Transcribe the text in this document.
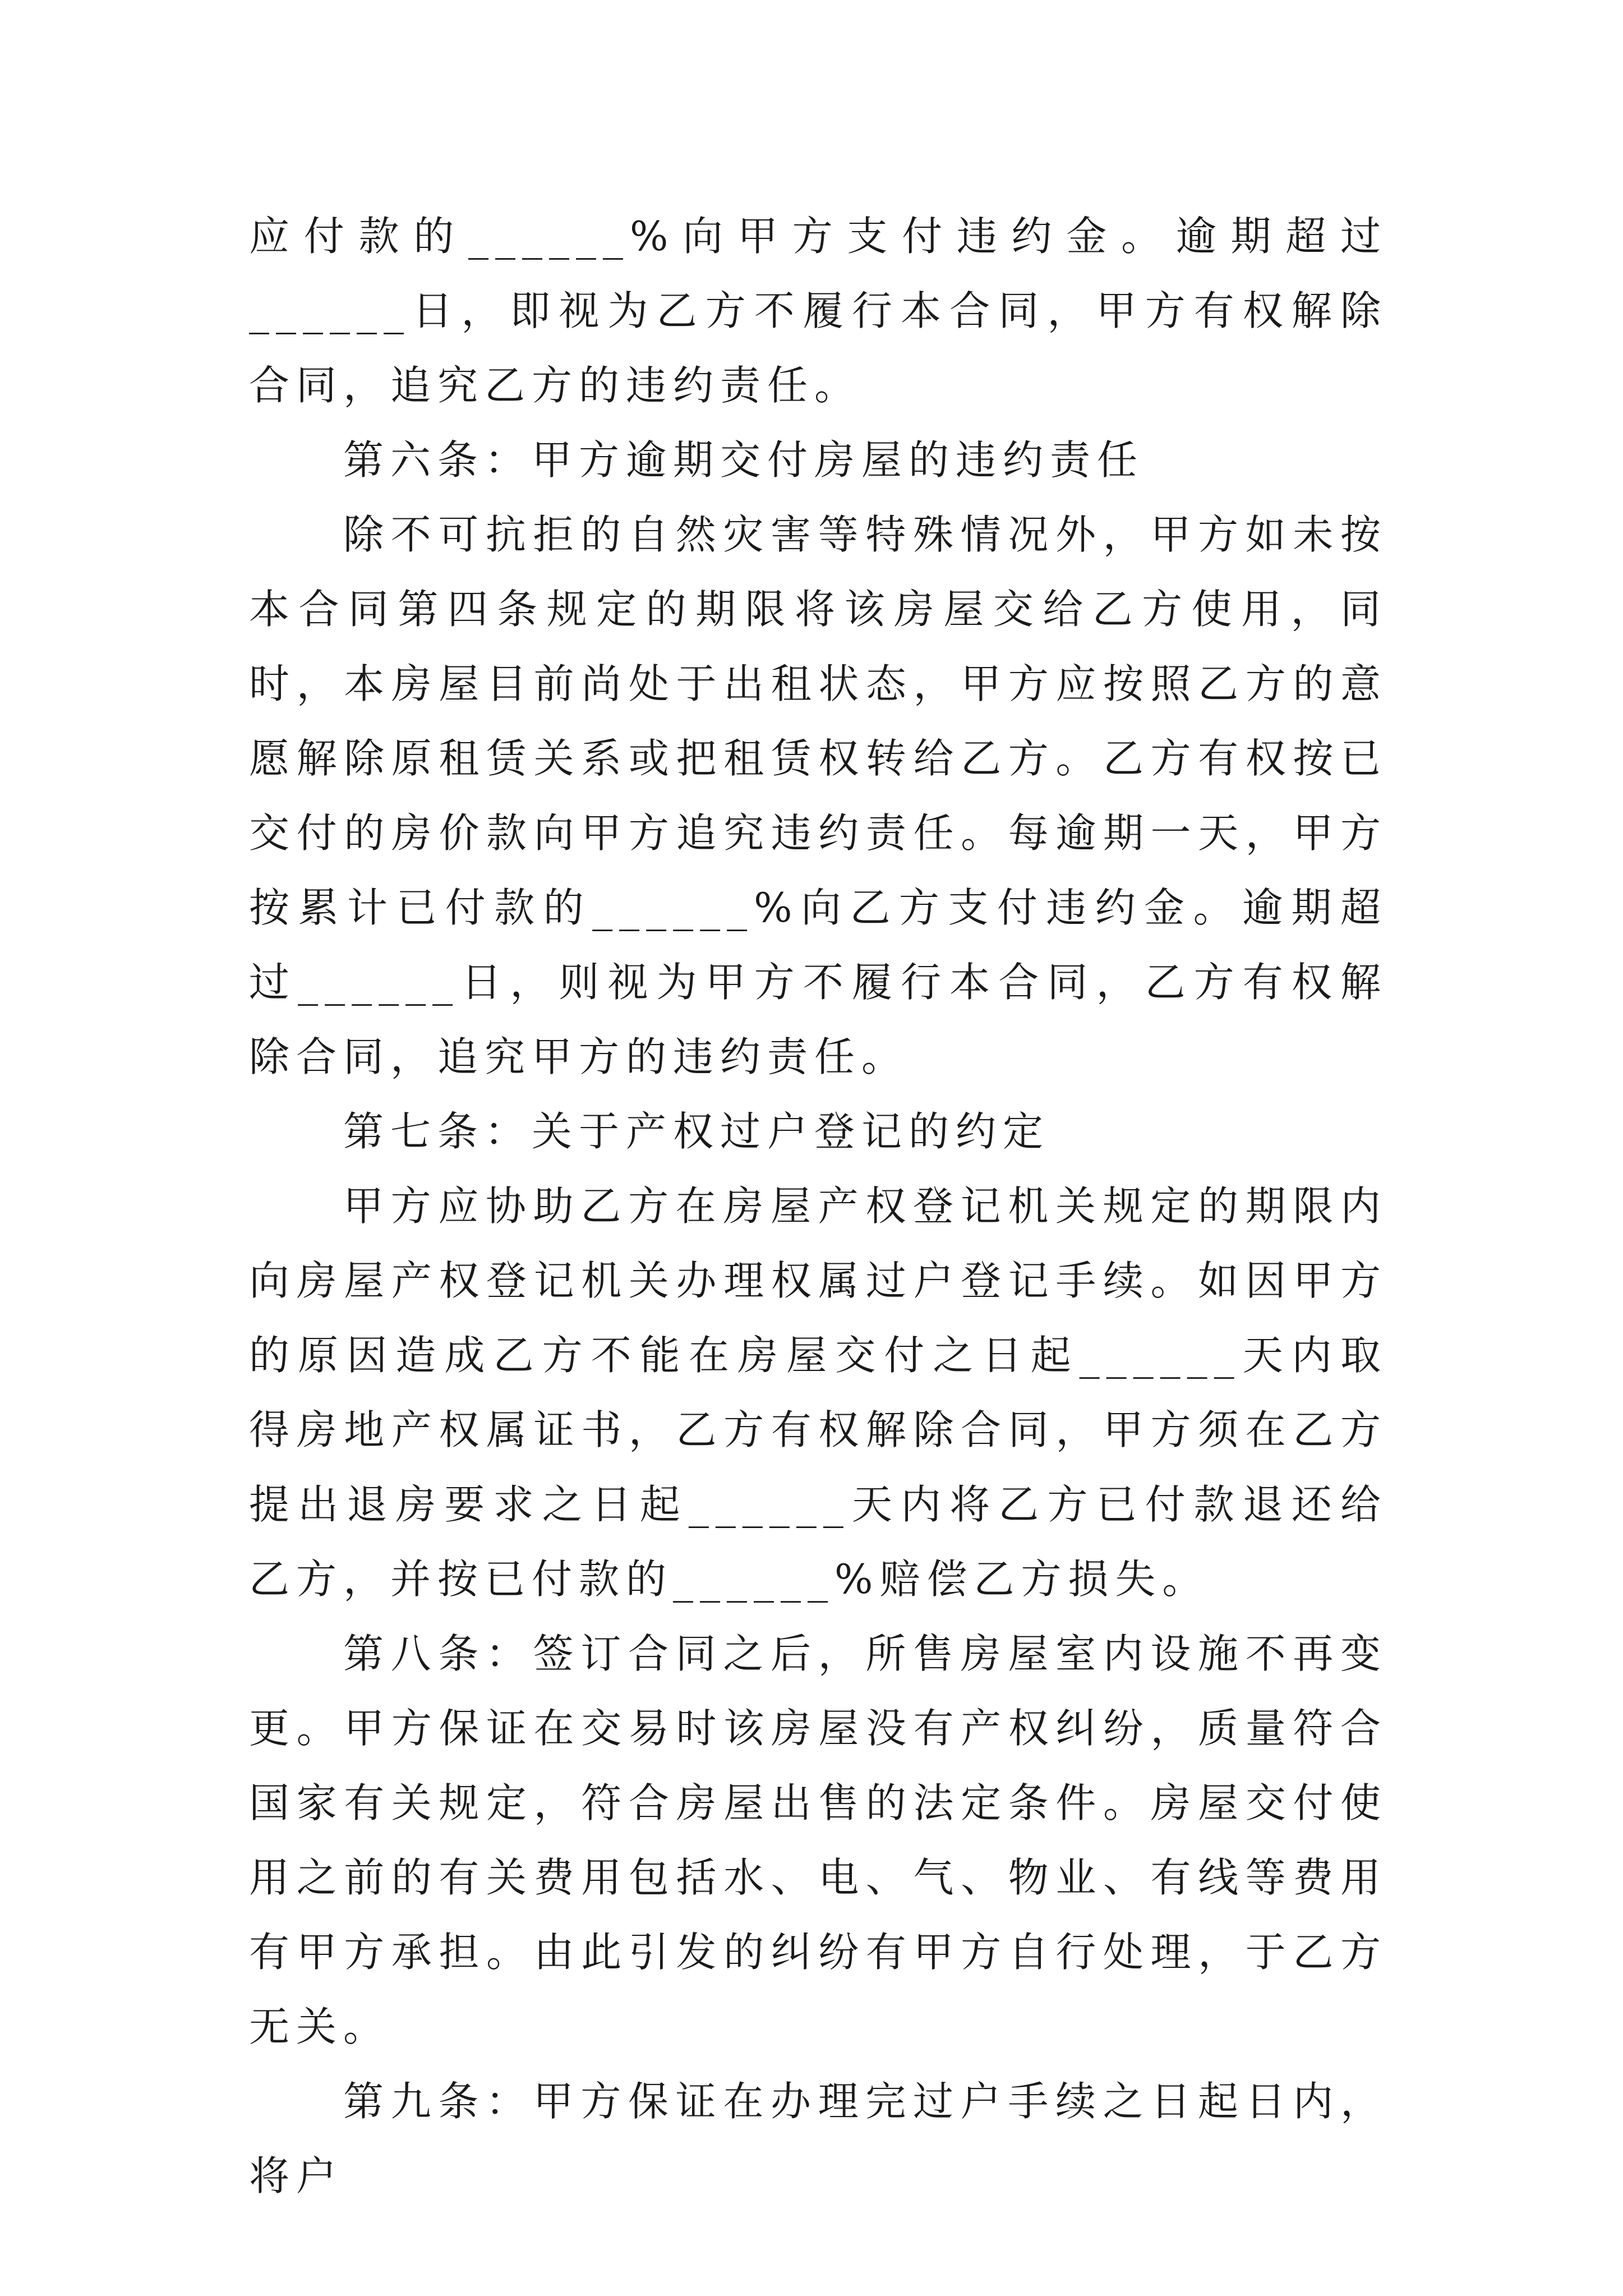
应付款的______%向甲方支付违约金。逾期超过______日，即视为乙方不履行本合同，甲方有权解除合同，追究乙方的违约责任。

第六条：甲方逾期交付房屋的违约责任

除不可抗拒的自然灾害等特殊情况外，甲方如未按本合同第四条规定的期限将该房屋交给乙方使用，同时，本房屋目前尚处于出租状态，甲方应按照乙方的意愿解除原租赁关系或把租赁权转给乙方。乙方有权按已交付的房价款向甲方追究违约责任。每逾期一天，甲方按累计已付款的______%向乙方支付违约金。逾期超过______日，则视为甲方不履行本合同，乙方有权解除合同，追究甲方的违约责任。

第七条：关于产权过户登记的约定

甲方应协助乙方在房屋产权登记机关规定的期限内向房屋产权登记机关办理权属过户登记手续。如因甲方的原因造成乙方不能在房屋交付之日起______天内取得房地产权属证书，乙方有权解除合同，甲方须在乙方提出退房要求之日起______天内将乙方已付款退还给乙方，并按已付款的______%赔偿乙方损失。

第八条：签订合同之后，所售房屋室内设施不再变更。甲方保证在交易时该房屋没有产权纠纷，质量符合国家有关规定，符合房屋出售的法定条件。房屋交付使用之前的有关费用包括水、电、气、物业、有线等费用有甲方承担。由此引发的纠纷有甲方自行处理，于乙方无关。

第九条：甲方保证在办理完过户手续之日起日内，将户
